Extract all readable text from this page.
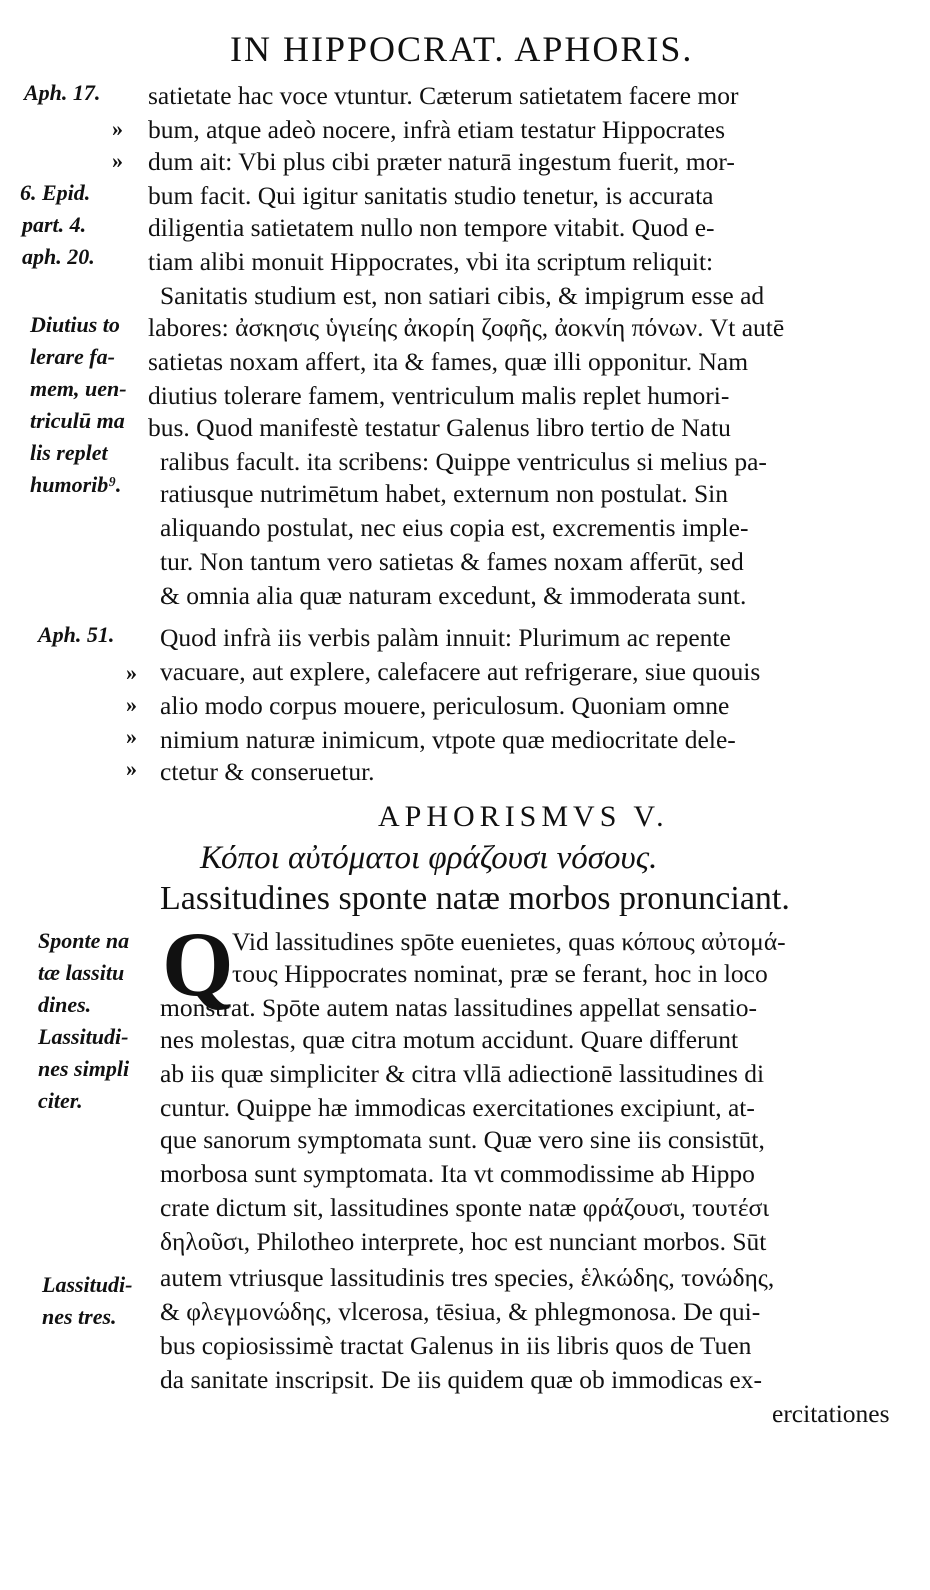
IN HIPPOCRAT. APHORIS.
Aph. 17.
6. Epid.
part. 4.
aph. 20.
Diutius to
lerare fa-
mem, uen-
triculū ma
lis replet
humorib⁹.
Aph. 51.
Sponte na
tæ lassitu
dines.
Lassitudi-
nes simpli
citer.
Lassitudi-
nes tres.
»
»
»
»
»
»
satietate hac voce vtuntur. Cæterum satietatem facere mor
bum, atque adeò nocere, infrà etiam testatur Hippocrates
dum ait: Vbi plus cibi præter naturā ingestum fuerit, mor-
bum facit. Qui igitur sanitatis studio tenetur, is accurata
diligentia satietatem nullo non tempore vitabit. Quod e-
tiam alibi monuit Hippocrates, vbi ita scriptum reliquit:
Sanitatis studium est, non satiari cibis, & impigrum esse ad
labores: ἀσκησις ὑγιείης ἀκορίη ζοφῆς, ἀοκνίη πόνων. Vt autē
satietas noxam affert, ita & fames, quæ illi opponitur. Nam
diutius tolerare famem, ventriculum malis replet humori-
bus. Quod manifestè testatur Galenus libro tertio de Natu
ralibus facult. ita scribens: Quippe ventriculus si melius pa-
ratiusque nutrimētum habet, externum non postulat. Sin
aliquando postulat, nec eius copia est, excrementis imple-
tur. Non tantum vero satietas & fames noxam afferūt, sed
& omnia alia quæ naturam excedunt, & immoderata sunt.
Quod infrà iis verbis palàm innuit: Plurimum ac repente
vacuare, aut explere, calefacere aut refrigerare, siue quouis
alio modo corpus mouere, periculosum. Quoniam omne
nimium naturæ inimicum, vtpote quæ mediocritate dele-
ctetur & conseruetur.
APHORISMVS V.
Κόποι αὐτόματοι φράζουσι νόσους.
Lassitudines sponte natæ morbos pronunciant.
Q
Vid lassitudines spōte euenietes, quas κόπους αὐτομά-
τους Hippocrates nominat, præ se ferant, hoc in loco
monstrat. Spōte autem natas lassitudines appellat sensatio-
nes molestas, quæ citra motum accidunt. Quare differunt
ab iis quæ simpliciter & citra vllā adiectionē lassitudines di
cuntur. Quippe hæ immodicas exercitationes excipiunt, at-
que sanorum symptomata sunt. Quæ vero sine iis consistūt,
morbosa sunt symptomata. Ita vt commodissime ab Hippo
crate dictum sit, lassitudines sponte natæ φράζουσι, τουτέσι
δηλοῦσι, Philotheo interprete, hoc est nunciant morbos. Sūt
autem vtriusque lassitudinis tres species, ἑλκώδης, τονώδης,
& φλεγμονώδης, vlcerosa, tēsiua, & phlegmonosa. De qui-
bus copiosissimè tractat Galenus in iis libris quos de Tuen
da sanitate inscripsit. De iis quidem quæ ob immodicas ex-
ercitationes
